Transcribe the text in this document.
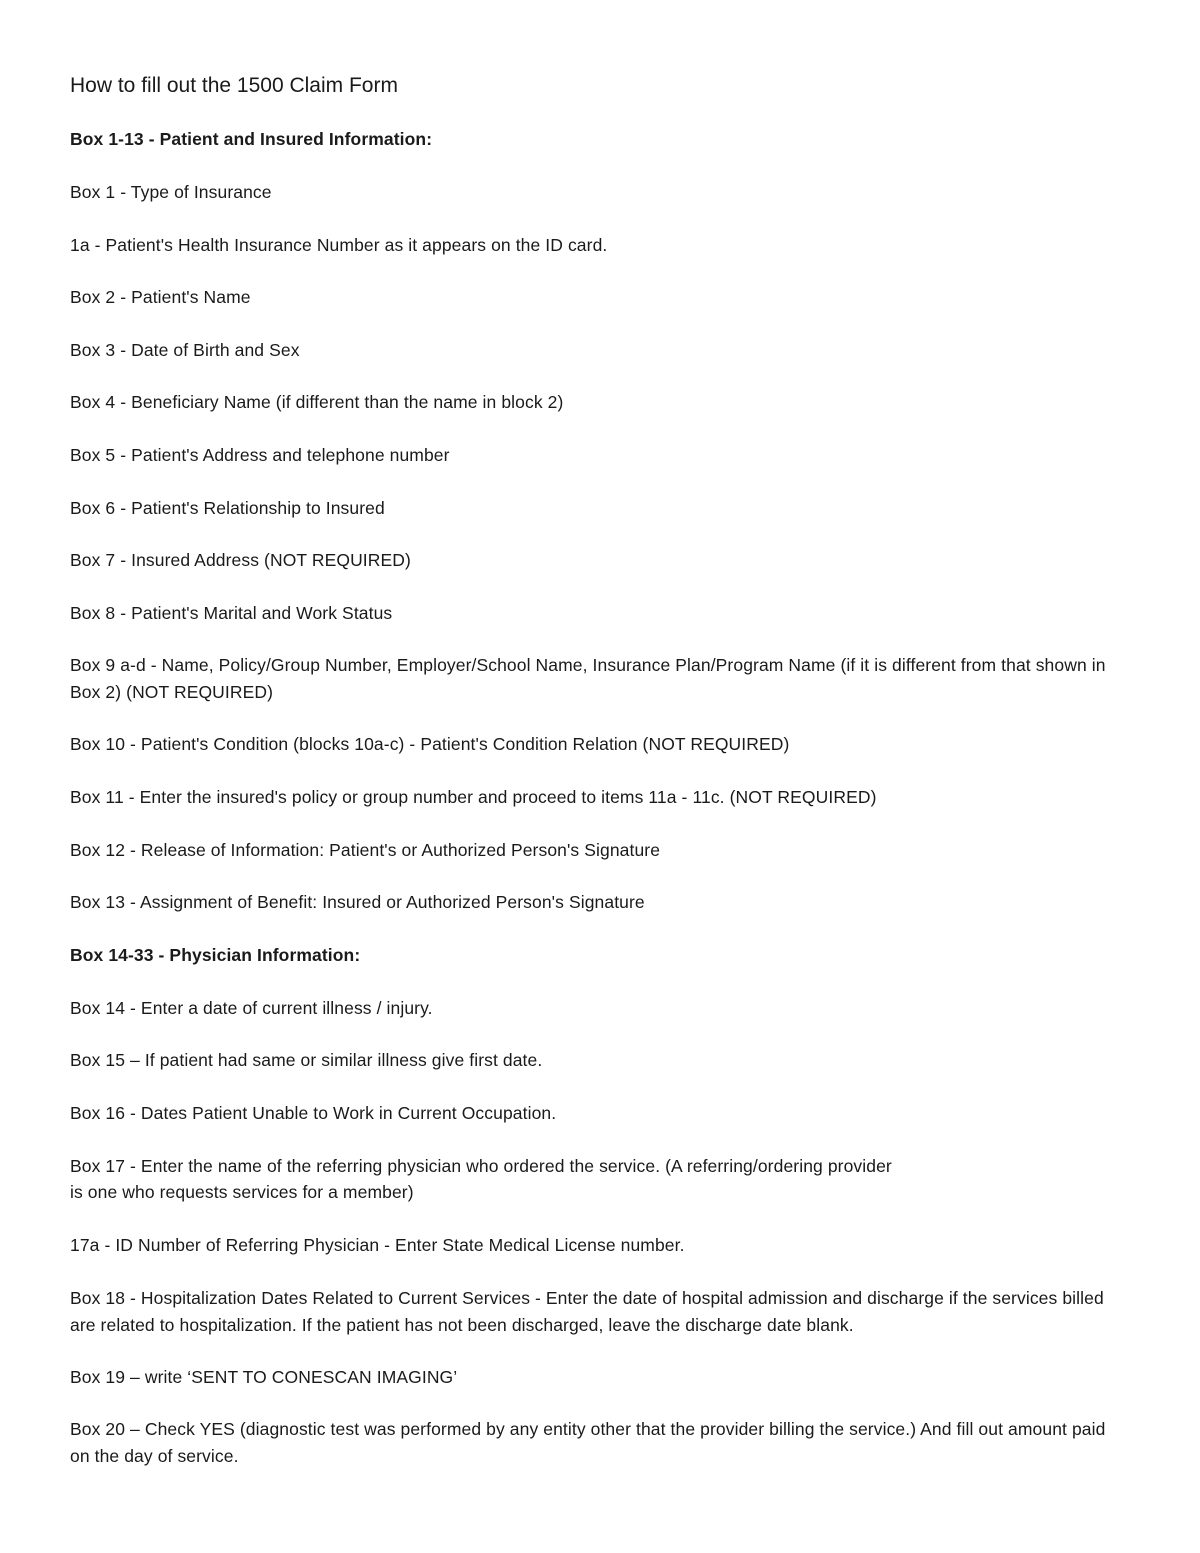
How to fill out the 1500 Claim Form
Box 1-13 - Patient and Insured Information:
Box 1 - Type of Insurance
1a - Patient's Health Insurance Number as it appears on the ID card.
Box 2 - Patient's Name
Box 3 - Date of Birth and Sex
Box 4 - Beneficiary Name (if different than the name in block 2)
Box 5 - Patient's Address and telephone number
Box 6 - Patient's Relationship to Insured
Box 7 - Insured Address (NOT REQUIRED)
Box 8 - Patient's Marital and Work Status
Box 9 a-d - Name, Policy/Group Number, Employer/School Name, Insurance Plan/Program Name (if it is different from that shown in Box 2) (NOT REQUIRED)
Box 10 - Patient's Condition (blocks 10a-c) - Patient's Condition Relation (NOT REQUIRED)
Box 11 - Enter the insured's policy or group number and proceed to items 11a - 11c. (NOT REQUIRED)
Box 12 - Release of Information: Patient's or Authorized Person's Signature
Box 13 - Assignment of Benefit: Insured or Authorized Person's Signature
Box 14-33 - Physician Information:
Box 14 - Enter a date of current illness / injury.
Box 15 – If patient had same or similar illness give first date.
Box 16 - Dates Patient Unable to Work in Current Occupation.
Box 17 - Enter the name of the referring physician who ordered the service. (A referring/ordering provider
is one who requests services for a member)
17a - ID Number of Referring Physician - Enter State Medical License number.
Box 18 - Hospitalization Dates Related to Current Services - Enter the date of hospital admission and discharge if the services billed are related to hospitalization. If the patient has not been discharged, leave the discharge date blank.
Box 19 – write ‘SENT TO CONESCAN IMAGING’
Box 20 – Check YES (diagnostic test was performed by any entity other that the provider billing the service.) And fill out amount paid on the day of service.
